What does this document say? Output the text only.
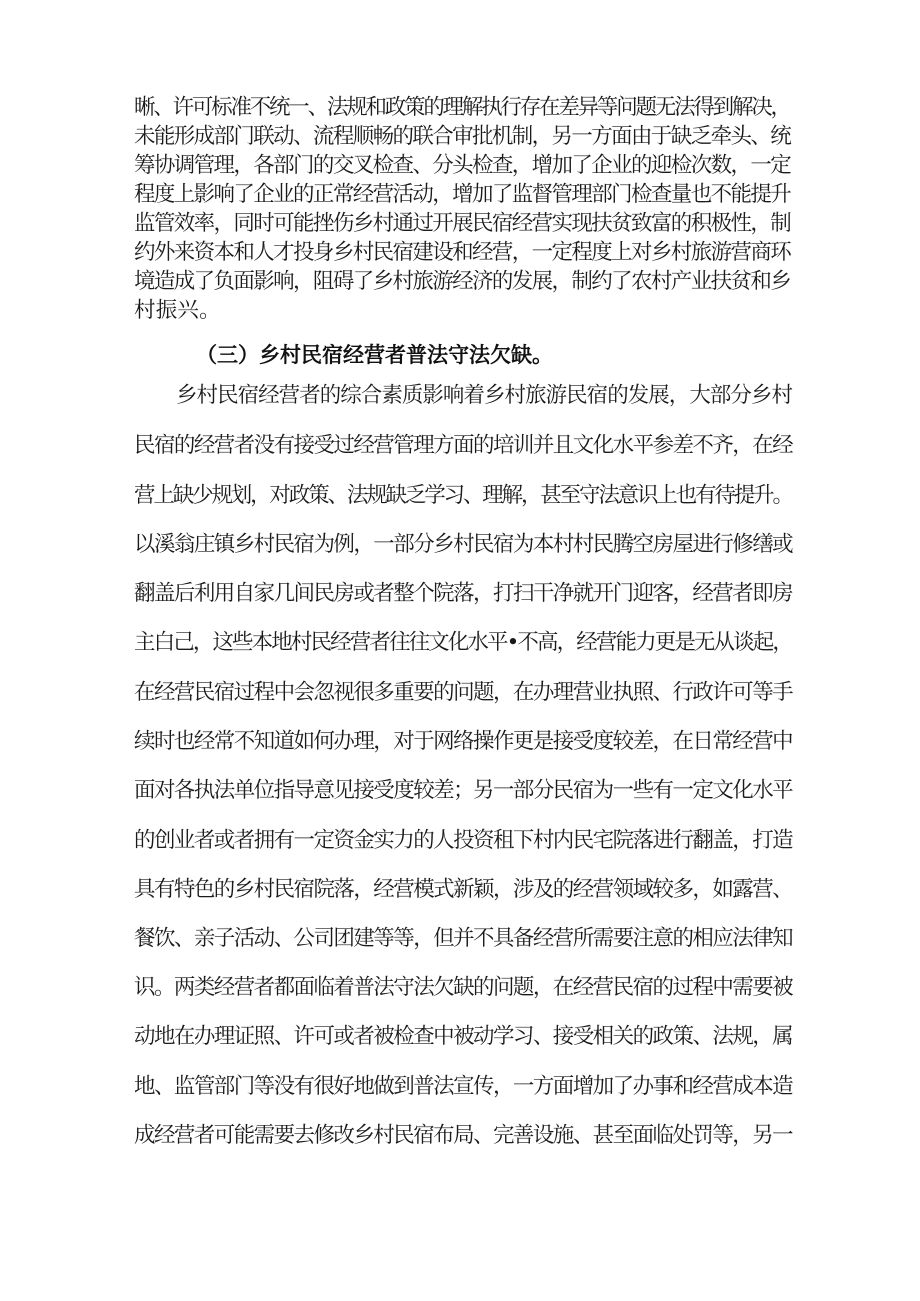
晰、许可标准不统一、法规和政策的理解执行存在差异等问题无法得到解决，
未能形成部门联动、流程顺畅的联合审批机制，另一方面由于缺乏牵头、统
筹协调管理，各部门的交叉检查、分头检查，增加了企业的迎检次数，一定
程度上影响了企业的正常经营活动，增加了监督管理部门检查量也不能提升
监管效率，同时可能挫伤乡村通过开展民宿经营实现扶贫致富的积极性，制
约外来资本和人才投身乡村民宿建设和经营，一定程度上对乡村旅游营商环
境造成了负面影响，阻碍了乡村旅游经济的发展，制约了农村产业扶贫和乡
（三）乡村民宿经营者普法守法欠缺。
乡村民宿经营者的综合素质影响着乡村旅游民宿的发展，大部分乡村
民宿的经营者没有接受过经营管理方面的培训并且文化水平参差不齐，在经
营上缺少规划，对政策、法规缺乏学习、理解，甚至守法意识上也有待提升。
以溪翁庄镇乡村民宿为例，一部分乡村民宿为本村村民腾空房屋进行修缮或
翻盖后利用自家几间民房或者整个院落，打扫干净就开门迎客，经营者即房
主白己，这些本地村民经营者往往文化水平•不高，经营能力更是无从谈起，
在经营民宿过程中会忽视很多重要的问题，在办理营业执照、行政许可等手
续时也经常不知道如何办理，对于网络操作更是接受度较差，在日常经营中
面对各执法单位指导意见接受度较差；另一部分民宿为一些有一定文化水平
的创业者或者拥有一定资金实力的人投资租下村内民宅院落进行翻盖，打造
具有特色的乡村民宿院落，经营模式新颖，涉及的经营领域较多，如露营、
餐饮、亲子活动、公司团建等等，但并不具备经营所需要注意的相应法律知
识。两类经营者都面临着普法守法欠缺的问题，在经营民宿的过程中需要被
动地在办理证照、许可或者被检查中被动学习、接受相关的政策、法规，属
地、监管部门等没有很好地做到普法宣传，一方面增加了办事和经营成本造
成经营者可能需要去修改乡村民宿布局、完善设施、甚至面临处罚等，另一
村振兴。
